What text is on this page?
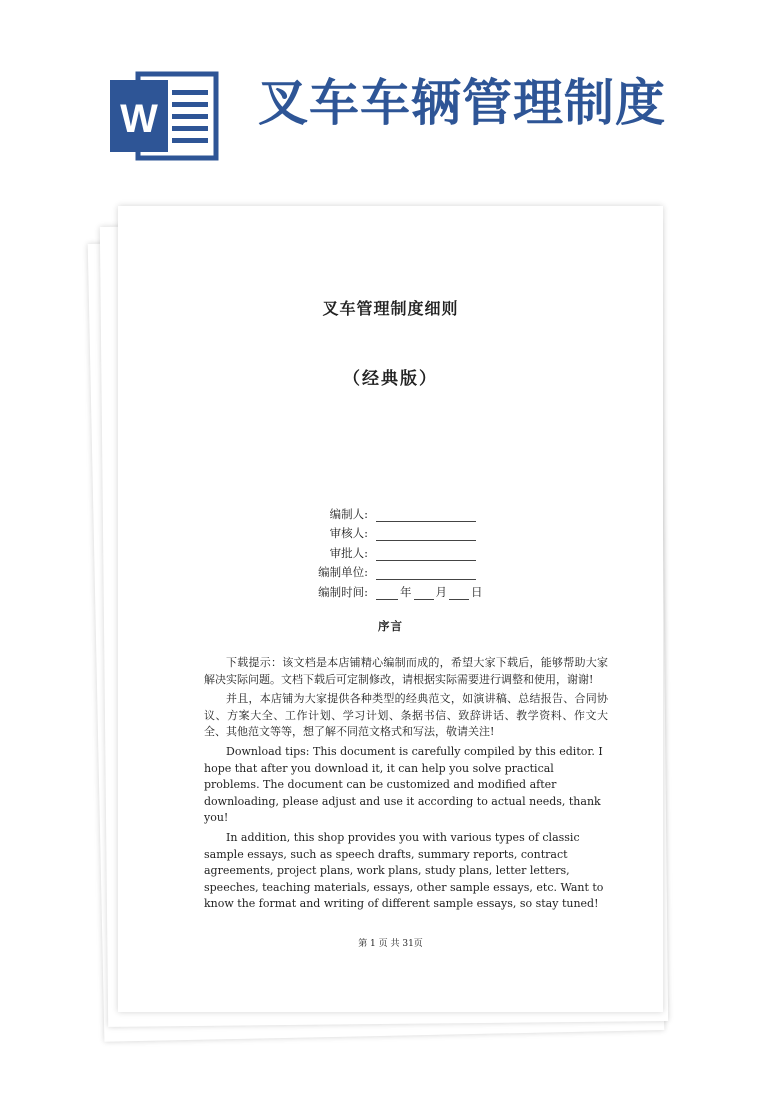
W 叉车车辆管理制度
叉车管理制度细则
（经典版）
编制人:
审核人:
审批人:
编制单位:
编制时间:	年 月 日
序言

下载提示：该文档是本店铺精心编制而成的，希望大家下载后，能够帮助大家解决实际问题。文档下载后可定制修改，请根据实际需要进行调整和使用，谢谢!

并且，本店铺为大家提供各种类型的经典范文，如演讲稿、总结报告、合同协议、方案大全、工作计划、学习计划、条据书信、致辞讲话、教学资料、作文大全、其他范文等等，想了解不同范文格式和写法，敬请关注!

Download tips: This document is carefully compiled by this editor. I hope that after you download it, it can help you solve practical problems. The document can be customized and modified after downloading, please adjust and use it according to actual needs, thank you!

In addition, this shop provides you with various types of classic sample essays, such as speech drafts, summary reports, contract agreements, project plans, work plans, study plans, letter letters, speeches, teaching materials, essays, other sample essays, etc. Want to know the format and writing of different sample essays, so stay tuned!

第 1 页 共 31页
